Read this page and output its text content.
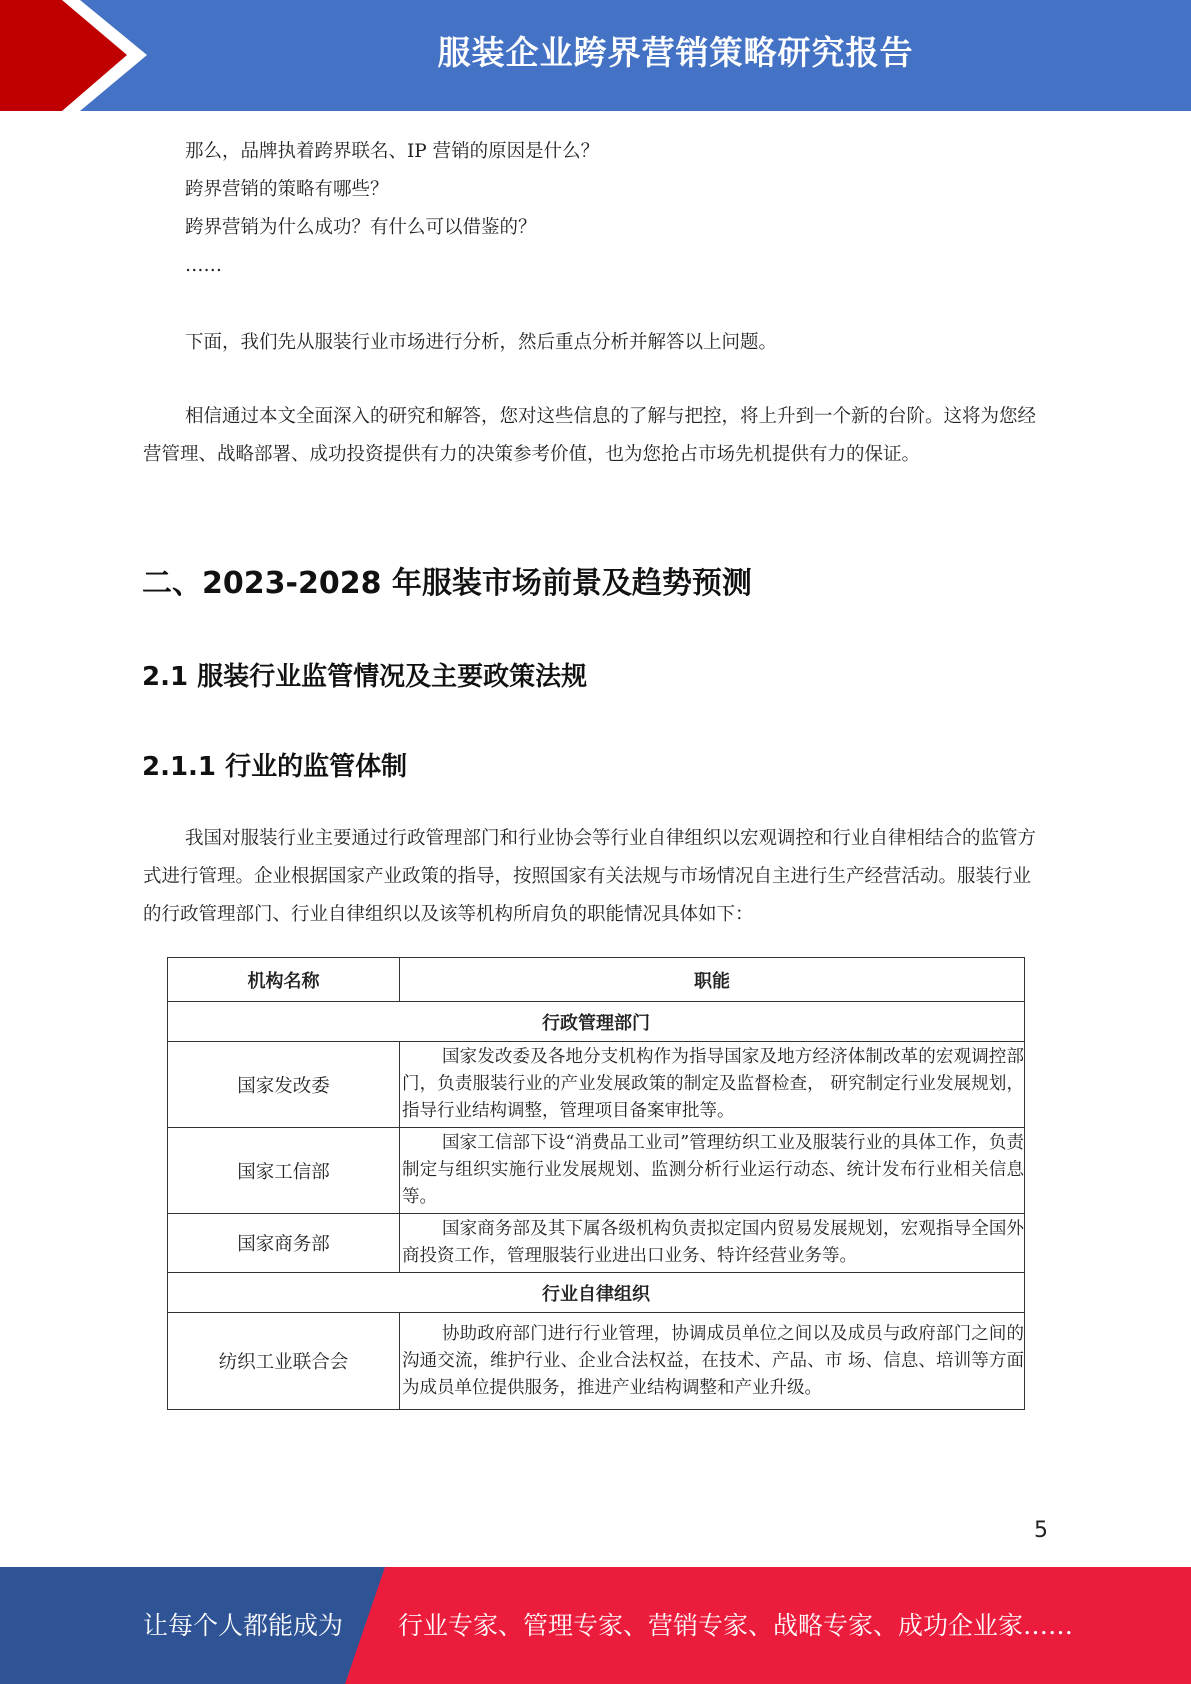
服装企业跨界营销策略研究报告
那么，品牌执着跨界联名、IP 营销的原因是什么？
跨界营销的策略有哪些？
跨界营销为什么成功？有什么可以借鉴的？
……

下面，我们先从服装行业市场进行分析，然后重点分析并解答以上问题。

相信通过本文全面深入的研究和解答，您对这些信息的了解与把控，将上升到一个新的台阶。这将为您经营管理、战略部署、成功投资提供有力的决策参考价值，也为您抢占市场先机提供有力的保证。

二、2023-2028 年服装市场前景及趋势预测
2.1 服装行业监管情况及主要政策法规
2.1.1 行业的监管体制

我国对服装行业主要通过行政管理部门和行业协会等行业自律组织以宏观调控和行业自律相结合的监管方式进行管理。企业根据国家产业政策的指导，按照国家有关法规与市场情况自主进行生产经营活动。服装行业的行政管理部门、行业自律组织以及该等机构所肩负的职能情况具体如下：

机构名称	职能
行政管理部门	
国家发改委	国家发改委及各地分支机构作为指导国家及地方经济体制改革的宏观调控部门，负责服装行业的产业发展政策的制定及监督检查， 研究制定行业发展规划，指导行业结构调整，管理项目备案审批等。
国家工信部	国家工信部下设“消费品工业司”管理纺织工业及服装行业的具体工作，负责制定与组织实施行业发展规划、监测分析行业运行动态、统计发布行业相关信息等。
国家商务部	国家商务部及其下属各级机构负责拟定国内贸易发展规划，宏观指导全国外商投资工作，管理服装行业进出口业务、特许经营业务等。
行业自律组织	
纺织工业联合会	协助政府部门进行行业管理，协调成员单位之间以及成员与政府部门之间的沟通交流，维护行业、企业合法权益，在技术、产品、市 场、信息、培训等方面为成员单位提供服务，推进产业结构调整和产业升级。
5
让每个人都能成为 行业专家、管理专家、营销专家、战略专家、成功企业家……
